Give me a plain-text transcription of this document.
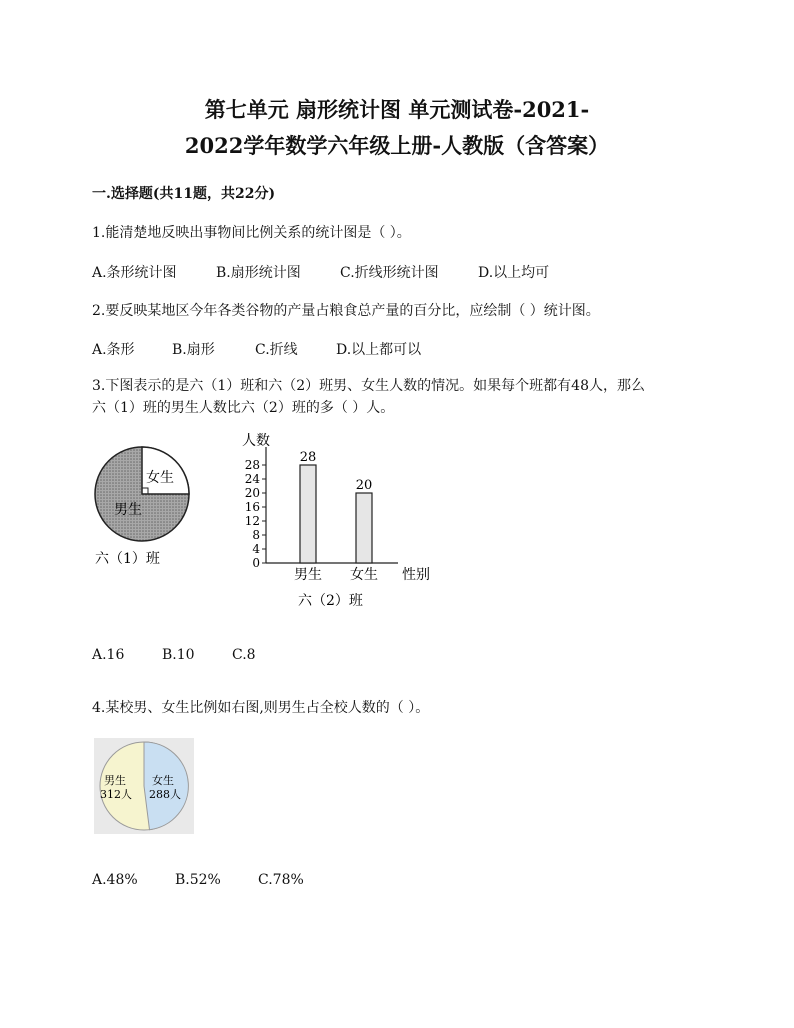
第七单元 扇形统计图 单元测试卷-2021-
2022学年数学六年级上册-人教版（含答案）
一.选择题(共11题，共22分)
1.能清楚地反映出事物间比例关系的统计图是（ ）。
A.条形统计图	B.扇形统计图	C.折线形统计图	D.以上均可
2.要反映某地区今年各类谷物的产量占粮食总产量的百分比，应绘制（ ）统计图。
A.条形	B.扇形	C.折线	D.以上都可以
3.下图表示的是六（1）班和六（2）班男、女生人数的情况。如果每个班都有48人，那么
六（1）班的男生人数比六（2）班的多（ ）人。
女生
男生
六（1）班
人数
0
4
8
12
16
20
24
28	28
男生
20
女生 性别
六（2）班
A.16	B.10	C.8
4.某校男、女生比例如右图,则男生占全校人数的（ ）。
男生
312人
女生
288人
A.48%	B.52%	C.78%
